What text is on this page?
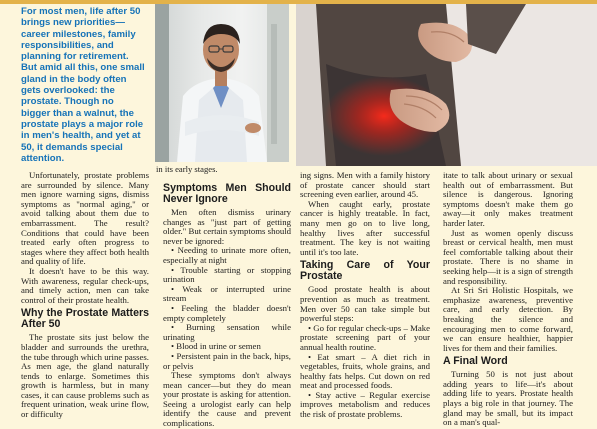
For most men, life after 50

brings new priorities—

career milestones, family

responsibilities, and

planning for retirement.

But amid all this, one small

gland in the body often

gets overlooked: the

prostate. Though no

bigger than a walnut, the

prostate plays a major role

in men's health, and yet at

50, it demands special

attention.

in its early stages.

Unfortunately, prostate problems are surrounded by silence. Many men ignore warning signs, dismiss symptoms as "normal aging," or avoid talking about them due to embarrassment. The result? Conditions that could have been treated early often progress to stages where they affect both health and quality of life.

It doesn't have to be this way. With awareness, regular check-ups, and timely action, men can take control of their prostate health.

Why the Prostate Matters After 50

The prostate sits just below the bladder and surrounds the urethra, the tube through which urine passes. As men age, the gland naturally tends to enlarge. Sometimes this growth is harmless, but in many cases, it can cause problems such as frequent urination, weak urine flow, or difficulty

Symptoms Men Should Never Ignore

Men often dismiss urinary changes as "just part of getting older." But certain symptoms should never be ignored:

• Needing to urinate more often, especially at night

• Trouble starting or stopping urination

• Weak or interrupted urine stream

• Feeling the bladder doesn't empty completely

• Burning sensation while urinating

• Blood in urine or semen

• Persistent pain in the back, hips, or pelvis

These symptoms don't always mean cancer—but they do mean your prostate is asking for attention. Seeing a urologist early can help identify the cause and prevent complications.

ing signs. Men with a family history of prostate cancer should start screening even earlier, around 45.

When caught early, prostate cancer is highly treatable. In fact, many men go on to live long, healthy lives after successful treatment. The key is not waiting until it's too late.

Taking Care of Your Prostate

Good prostate health is about prevention as much as treatment. Men over 50 can take simple but powerful steps:

• Go for regular check-ups – Make prostate screening part of your annual health routine.

• Eat smart – A diet rich in vegetables, fruits, whole grains, and healthy fats helps. Cut down on red meat and processed foods.

• Stay active – Regular exercise improves metabolism and reduces the risk of prostate problems.

itate to talk about urinary or sexual health out of embarrassment. But silence is dangerous. Ignoring symptoms doesn't make them go away—it only makes treatment harder later.

Just as women openly discuss breast or cervical health, men must feel comfortable talking about their prostate. There is no shame in seeking help—it is a sign of strength and responsibility.

At Sri Sri Holistic Hospitals, we emphasize awareness, preventive care, and early detection. By breaking the silence and encouraging men to come forward, we can ensure healthier, happier lives for them and their families.

A Final Word

Turning 50 is not just about adding years to life—it's about adding life to years. Prostate health plays a big role in that journey. The gland may be small, but its impact on a man's qual-
